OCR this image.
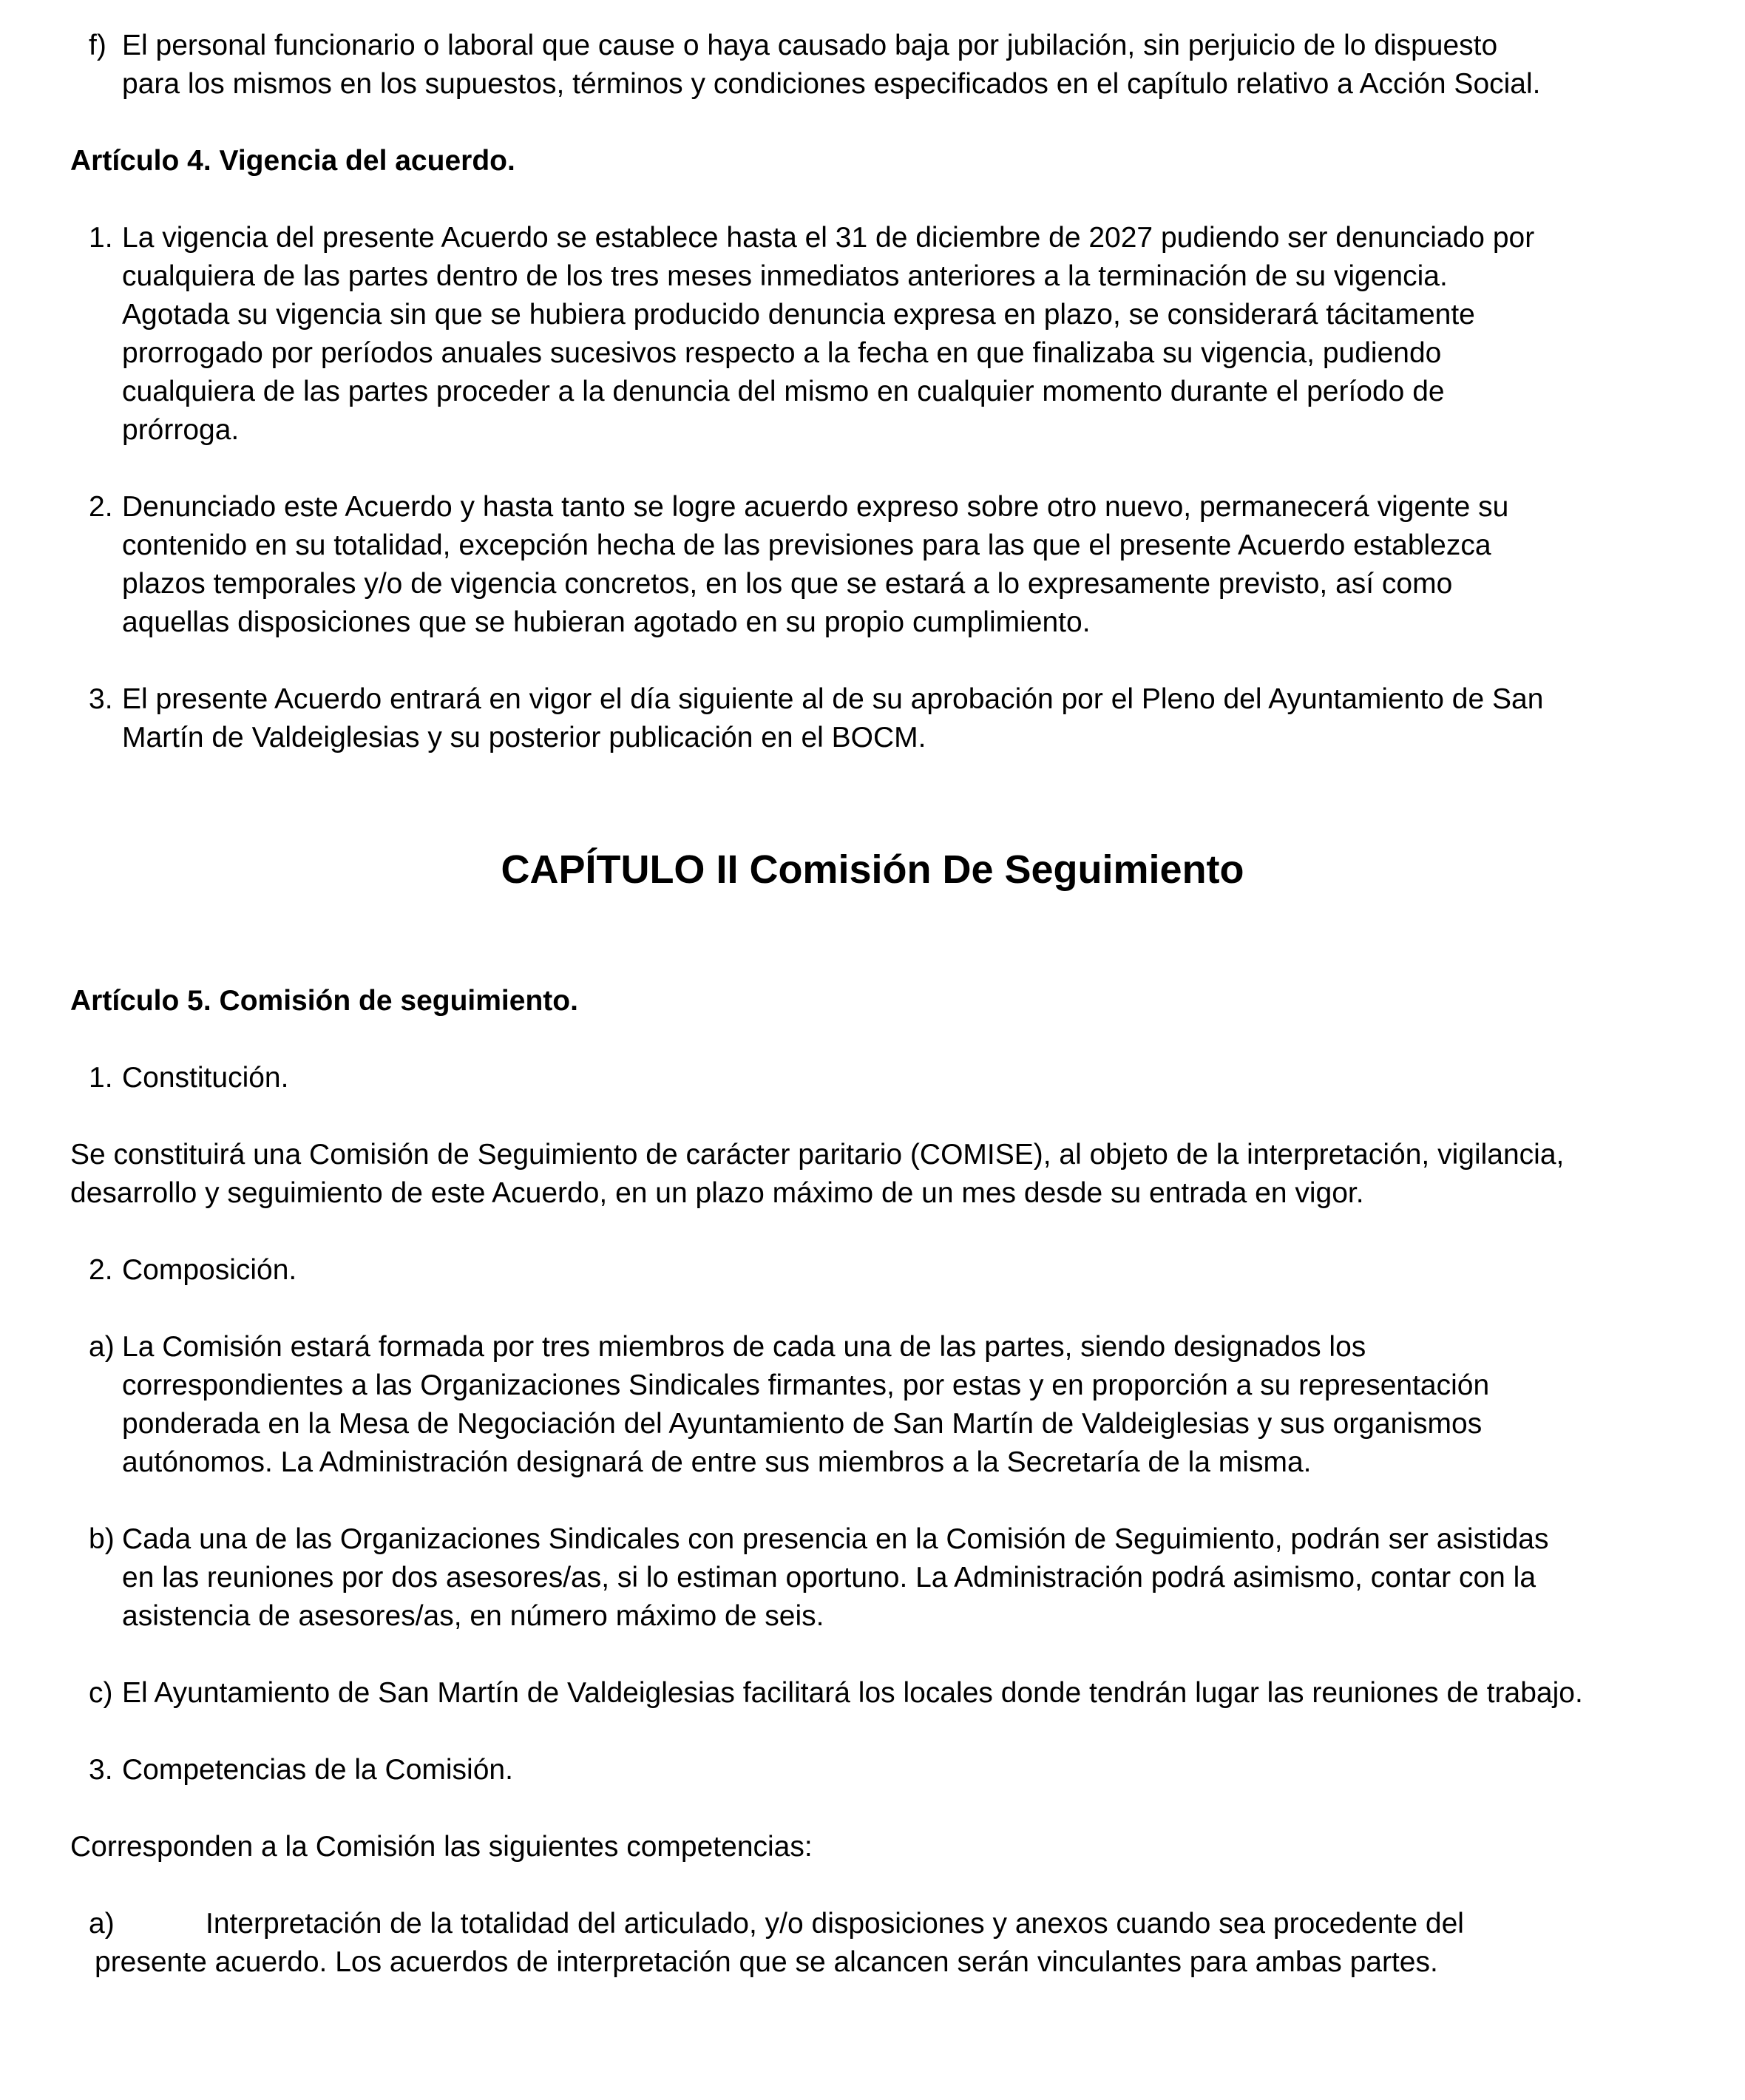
f) El personal funcionario o laboral que cause o haya causado baja por jubilación, sin perjuicio de lo dispuesto
para los mismos en los supuestos, términos y condiciones especificados en el capítulo relativo a Acción Social.
Artículo 4. Vigencia del acuerdo.
1. La vigencia del presente Acuerdo se establece hasta el 31 de diciembre de 2027 pudiendo ser denunciado por
cualquiera de las partes dentro de los tres meses inmediatos anteriores a la terminación de su vigencia.
Agotada su vigencia sin que se hubiera producido denuncia expresa en plazo, se considerará tácitamente
prorrogado por períodos anuales sucesivos respecto a la fecha en que finalizaba su vigencia, pudiendo
cualquiera de las partes proceder a la denuncia del mismo en cualquier momento durante el período de
prórroga.
2. Denunciado este Acuerdo y hasta tanto se logre acuerdo expreso sobre otro nuevo, permanecerá vigente su
contenido en su totalidad, excepción hecha de las previsiones para las que el presente Acuerdo establezca
plazos temporales y/o de vigencia concretos, en los que se estará a lo expresamente previsto, así como
aquellas disposiciones que se hubieran agotado en su propio cumplimiento.
3. El presente Acuerdo entrará en vigor el día siguiente al de su aprobación por el Pleno del Ayuntamiento de San
Martín de Valdeiglesias y su posterior publicación en el BOCM.
CAPÍTULO II Comisión De Seguimiento
Artículo 5. Comisión de seguimiento.
1. Constitución.
Se constituirá una Comisión de Seguimiento de carácter paritario (COMISE), al objeto de la interpretación, vigilancia,
desarrollo y seguimiento de este Acuerdo, en un plazo máximo de un mes desde su entrada en vigor.
2. Composición.
a) La Comisión estará formada por tres miembros de cada una de las partes, siendo designados los
correspondientes a las Organizaciones Sindicales firmantes, por estas y en proporción a su representación
ponderada en la Mesa de Negociación del Ayuntamiento de San Martín de Valdeiglesias y sus organismos
autónomos. La Administración designará de entre sus miembros a la Secretaría de la misma.
b) Cada una de las Organizaciones Sindicales con presencia en la Comisión de Seguimiento, podrán ser asistidas
en las reuniones por dos asesores/as, si lo estiman oportuno. La Administración podrá asimismo, contar con la
asistencia de asesores/as, en número máximo de seis.
c) El Ayuntamiento de San Martín de Valdeiglesias facilitará los locales donde tendrán lugar las reuniones de trabajo.
3. Competencias de la Comisión.
Corresponden a la Comisión las siguientes competencias:
a)	Interpretación de la totalidad del articulado, y/o disposiciones y anexos cuando sea procedente del
presente acuerdo. Los acuerdos de interpretación que se alcancen serán vinculantes para ambas partes.
